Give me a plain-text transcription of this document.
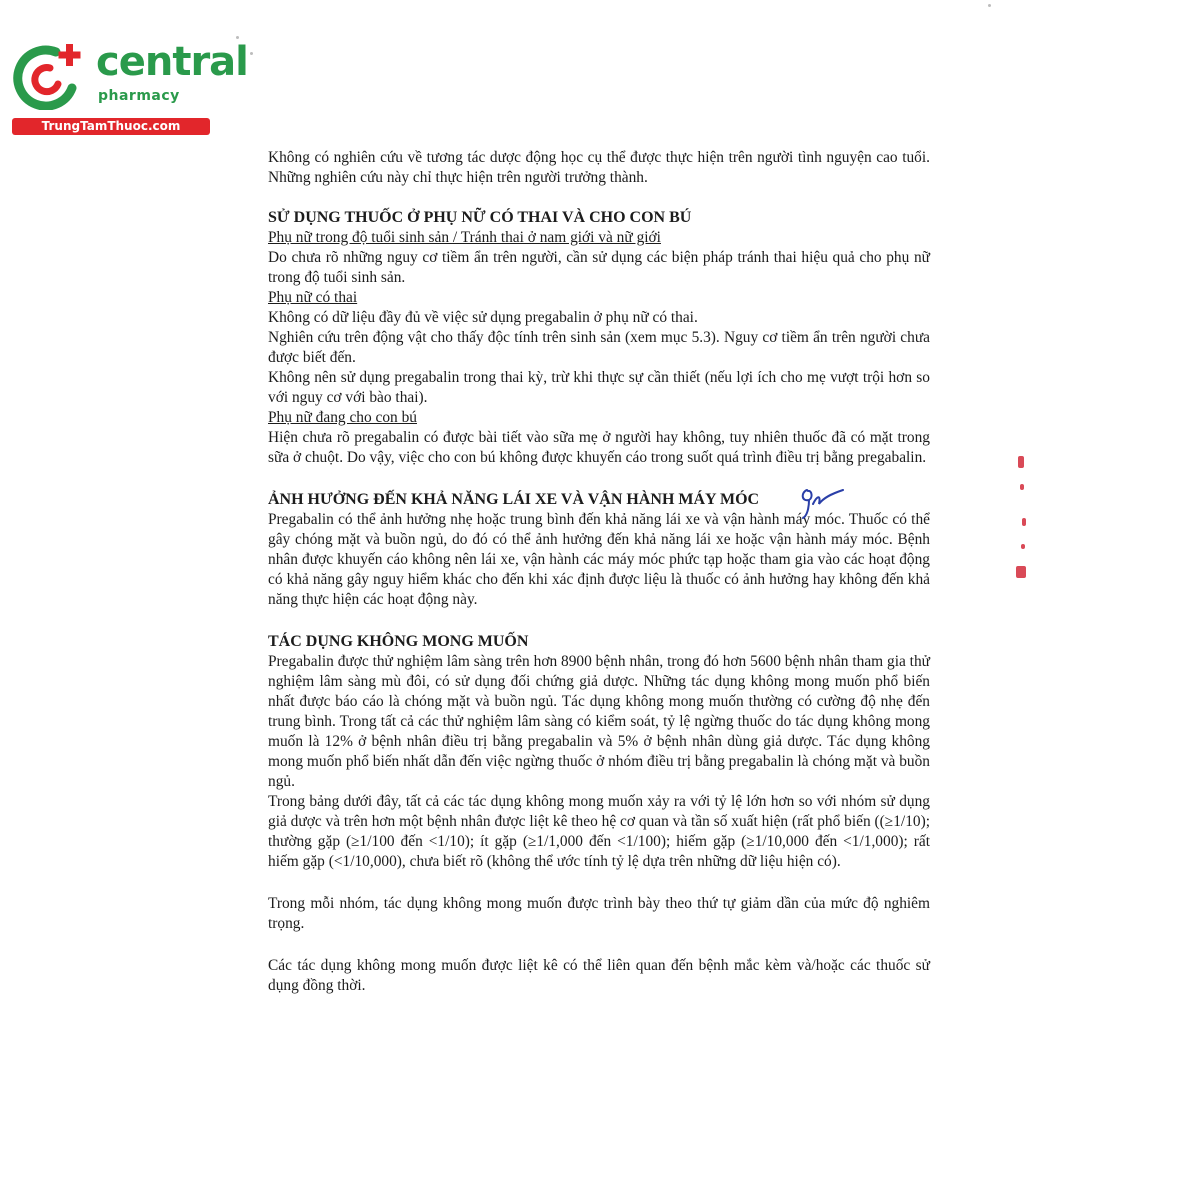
central
pharmacy
TrungTamThuoc.com

Không có nghiên cứu về tương tác dược động học cụ thể được thực hiện trên người tình nguyện cao tuổi. Những nghiên cứu này chỉ thực hiện trên người trưởng thành.

SỬ DỤNG THUỐC Ở PHỤ NỮ CÓ THAI VÀ CHO CON BÚ

Phụ nữ trong độ tuổi sinh sản / Tránh thai ở nam giới và nữ giới

Do chưa rõ những nguy cơ tiềm ẩn trên người, cần sử dụng các biện pháp tránh thai hiệu quả cho phụ nữ trong độ tuổi sinh sản.

Phụ nữ có thai

Không có dữ liệu đầy đủ về việc sử dụng pregabalin ở phụ nữ có thai.

Nghiên cứu trên động vật cho thấy độc tính trên sinh sản (xem mục 5.3). Nguy cơ tiềm ẩn trên người chưa được biết đến.

Không nên sử dụng pregabalin trong thai kỳ, trừ khi thực sự cần thiết (nếu lợi ích cho mẹ vượt trội hơn so với nguy cơ với bào thai).

Phụ nữ đang cho con bú

Hiện chưa rõ pregabalin có được bài tiết vào sữa mẹ ở người hay không, tuy nhiên thuốc đã có mặt trong sữa ở chuột. Do vậy, việc cho con bú không được khuyến cáo trong suốt quá trình điều trị bằng pregabalin.

ẢNH HƯỞNG ĐẾN KHẢ NĂNG LÁI XE VÀ VẬN HÀNH MÁY MÓC

Pregabalin có thể ảnh hưởng nhẹ hoặc trung bình đến khả năng lái xe và vận hành máy móc. Thuốc có thể gây chóng mặt và buồn ngủ, do đó có thể ảnh hưởng đến khả năng lái xe hoặc vận hành máy móc. Bệnh nhân được khuyến cáo không nên lái xe, vận hành các máy móc phức tạp hoặc tham gia vào các hoạt động có khả năng gây nguy hiểm khác cho đến khi xác định được liệu là thuốc có ảnh hưởng hay không đến khả năng thực hiện các hoạt động này.

TÁC DỤNG KHÔNG MONG MUỐN

Pregabalin được thử nghiệm lâm sàng trên hơn 8900 bệnh nhân, trong đó hơn 5600 bệnh nhân tham gia thử nghiệm lâm sàng mù đôi, có sử dụng đối chứng giả dược. Những tác dụng không mong muốn phổ biến nhất được báo cáo là chóng mặt và buồn ngủ. Tác dụng không mong muốn thường có cường độ nhẹ đến trung bình. Trong tất cả các thử nghiệm lâm sàng có kiểm soát, tỷ lệ ngừng thuốc do tác dụng không mong muốn là 12% ở bệnh nhân điều trị bằng pregabalin và 5% ở bệnh nhân dùng giả dược. Tác dụng không mong muốn phổ biến nhất dẫn đến việc ngừng thuốc ở nhóm điều trị bằng pregabalin là chóng mặt và buồn ngủ.

Trong bảng dưới đây, tất cả các tác dụng không mong muốn xảy ra với tỷ lệ lớn hơn so với nhóm sử dụng giả dược và trên hơn một bệnh nhân được liệt kê theo hệ cơ quan và tần số xuất hiện (rất phổ biến ((≥1/10); thường gặp (≥1/100 đến <1/10); ít gặp (≥1/1,000 đến <1/100); hiếm gặp (≥1/10,000 đến <1/1,000); rất hiếm gặp (<1/10,000), chưa biết rõ (không thể ước tính tỷ lệ dựa trên những dữ liệu hiện có).

Trong mỗi nhóm, tác dụng không mong muốn được trình bày theo thứ tự giảm dần của mức độ nghiêm trọng.

Các tác dụng không mong muốn được liệt kê có thể liên quan đến bệnh mắc kèm và/hoặc các thuốc sử dụng đồng thời.
